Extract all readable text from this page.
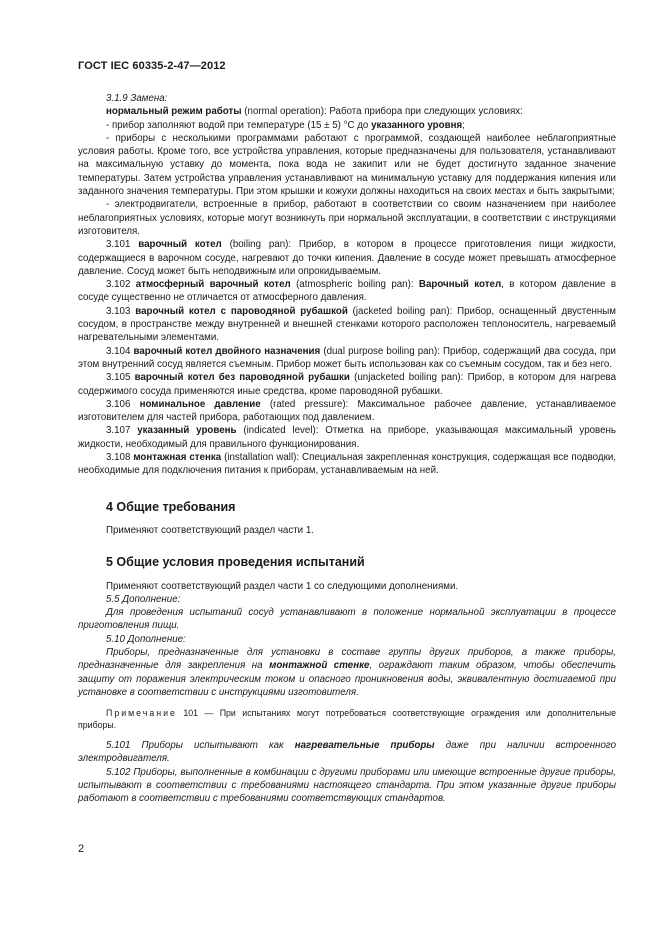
ГОСТ IEC 60335-2-47—2012

3.1.9 Замена:

нормальный режим работы (normal operation): Работа прибора при следующих условиях:

- прибор заполняют водой при температуре (15 ± 5) °С до указанного уровня;

- приборы с несколькими программами работают с программой, создающей наиболее неблагоприятные условия работы. Кроме того, все устройства управления, которые предназначены для пользователя, устанавливают на максимальную уставку до момента, пока вода не закипит или не будет достигнуто заданное значение температуры. Затем устройства управления устанавливают на минимальную уставку для поддержания кипения или заданного значения температуры. При этом крышки и кожухи должны находиться на своих местах и быть закрытыми;

- электродвигатели, встроенные в прибор, работают в соответствии со своим назначением при наиболее неблагоприятных условиях, которые могут возникнуть при нормальной эксплуатации, в соответствии с инструкциями изготовителя.

3.101 варочный котел (boiling pan): Прибор, в котором в процессе приготовления пищи жидкости, содержащиеся в варочном сосуде, нагревают до точки кипения. Давление в сосуде может превышать атмосферное давление. Сосуд может быть неподвижным или опрокидываемым.

3.102 атмосферный варочный котел (atmospheric boiling pan): Варочный котел, в котором давление в сосуде существенно не отличается от атмосферного давления.

3.103 варочный котел с пароводяной рубашкой (jacketed boiling pan): Прибор, оснащенный двустенным сосудом, в пространстве между внутренней и внешней стенками которого расположен теплоноситель, нагреваемый нагревательными элементами.

3.104 варочный котел двойного назначения (dual purpose boiling pan): Прибор, содержащий два сосуда, при этом внутренний сосуд является съемным. Прибор может быть использован как со съемным сосудом, так и без него.

3.105 варочный котел без пароводяной рубашки (unjacketed boiling pan): Прибор, в котором для нагрева содержимого сосуда применяются иные средства, кроме пароводяной рубашки.

3.106 номинальное давление (rated pressure): Максимальное рабочее давление, устанавливаемое изготовителем для частей прибора, работающих под давлением.

3.107 указанный уровень (indicated level): Отметка на приборе, указывающая максимальный уровень жидкости, необходимый для правильного функционирования.

3.108 монтажная стенка (installation wall): Специальная закрепленная конструкция, содержащая все подводки, необходимые для подключения питания к приборам, устанавливаемым на ней.

4 Общие требования

Применяют соответствующий раздел части 1.

5 Общие условия проведения испытаний

Применяют соответствующий раздел части 1 со следующими дополнениями.

5.5 Дополнение:

Для проведения испытаний сосуд устанавливают в положение нормальной эксплуатации в процессе приготовления пищи.

5.10 Дополнение:

Приборы, предназначенные для установки в составе группы других приборов, а также приборы, предназначенные для закрепления на монтажной стенке, ограждают таким образом, чтобы обеспечить защиту от поражения электрическим током и опасного проникновения воды, эквивалентную достигаемой при установке в соответствии с инструкциями изготовителя.

Примечание 101 — При испытаниях могут потребоваться соответствующие ограждения или дополнительные приборы.

5.101 Приборы испытывают как нагревательные приборы даже при наличии встроенного электродвигателя.

5.102 Приборы, выполненные в комбинации с другими приборами или имеющие встроенные другие приборы, испытывают в соответствии с требованиями настоящего стандарта. При этом указанные другие приборы работают в соответствии с требованиями соответствующих стандартов.

2
